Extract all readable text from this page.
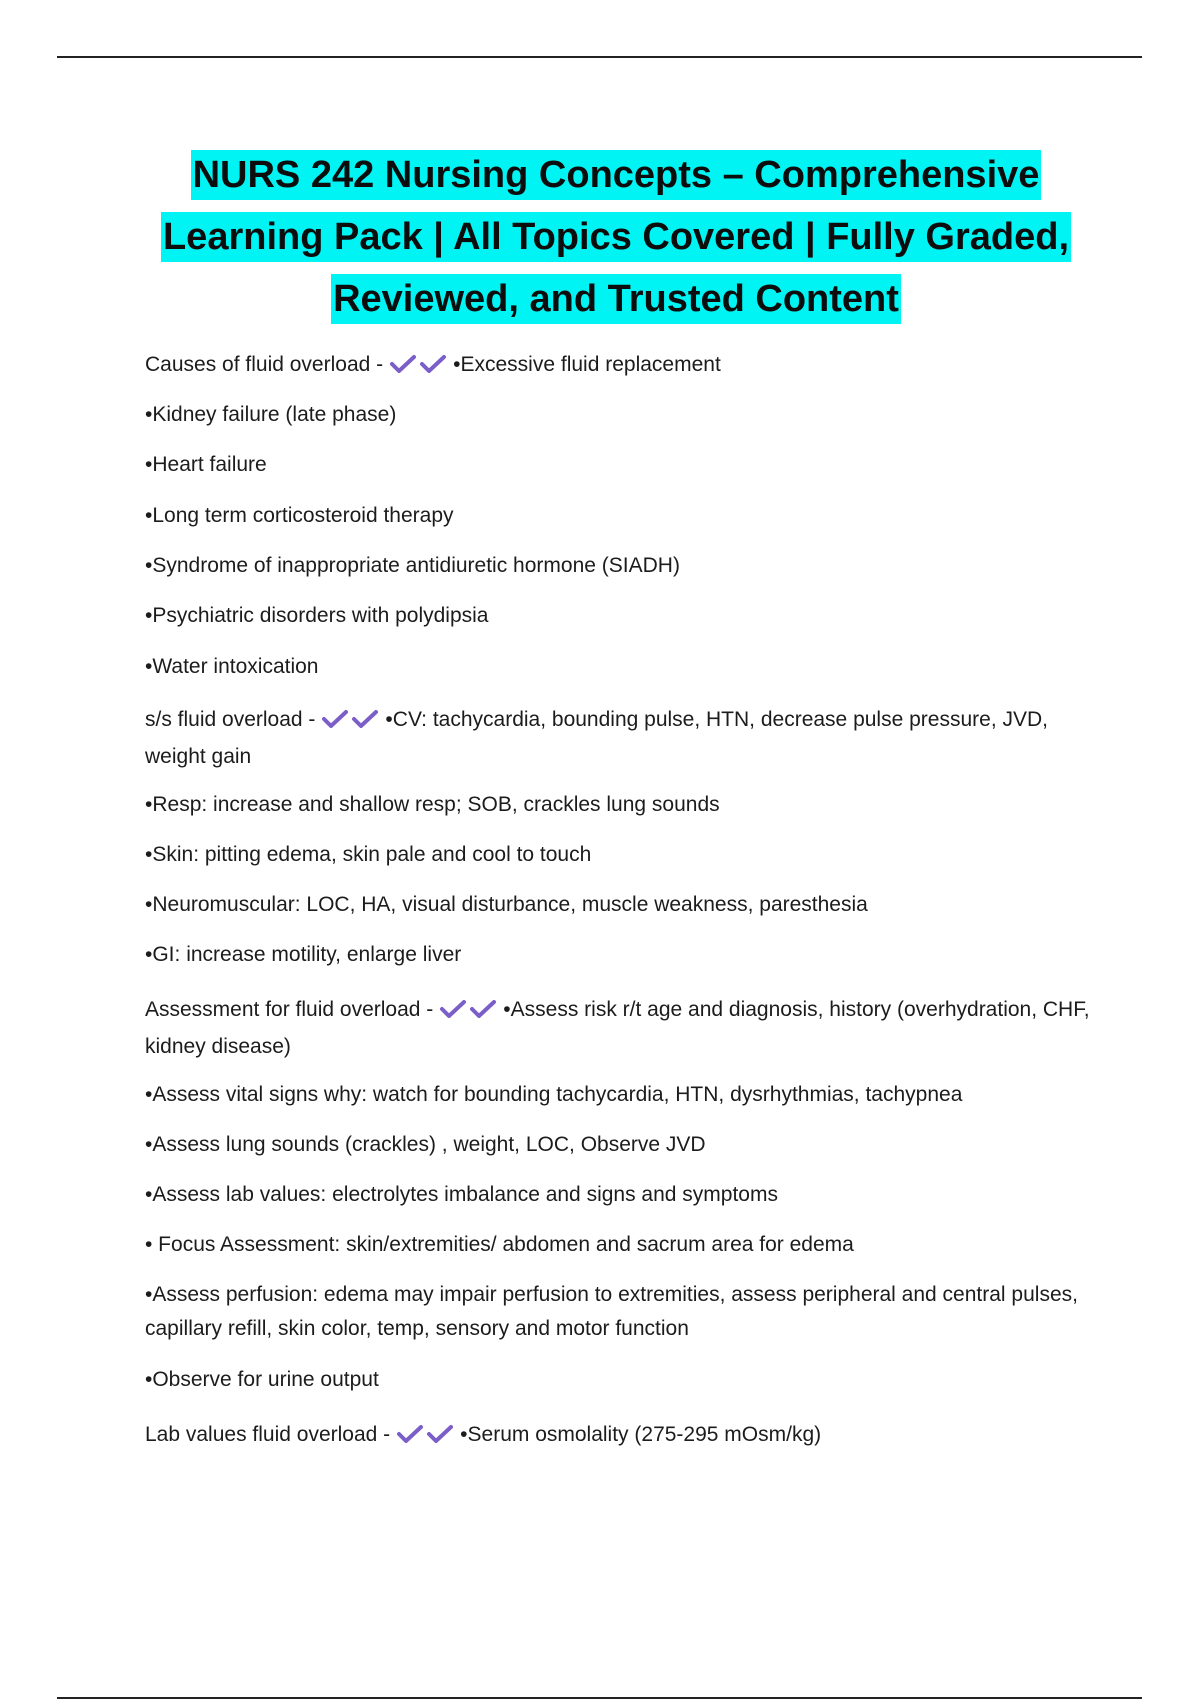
NURS 242 Nursing Concepts – Comprehensive
Learning Pack | All Topics Covered | Fully Graded,
Reviewed, and Trusted Content
Causes of fluid overload -	•Excessive fluid replacement
•Kidney failure (late phase)
•Heart failure
•Long term corticosteroid therapy
•Syndrome of inappropriate antidiuretic hormone (SIADH)
•Psychiatric disorders with polydipsia
•Water intoxication
s/s fluid overload -	•CV: tachycardia, bounding pulse, HTN, decrease pulse pressure, JVD, weight gain
•Resp: increase and shallow resp; SOB, crackles lung sounds
•Skin: pitting edema, skin pale and cool to touch
•Neuromuscular: LOC, HA, visual disturbance, muscle weakness, paresthesia
•GI: increase motility, enlarge liver
Assessment for fluid overload -	•Assess risk r/t age and diagnosis, history (overhydration, CHF, kidney disease)
•Assess vital signs why: watch for bounding tachycardia, HTN, dysrhythmias, tachypnea
•Assess lung sounds (crackles) , weight, LOC, Observe JVD
•Assess lab values: electrolytes imbalance and signs and symptoms
• Focus Assessment: skin/extremities/ abdomen and sacrum area for edema
•Assess perfusion: edema may impair perfusion to extremities, assess peripheral and central pulses, capillary refill, skin color, temp, sensory and motor function
•Observe for urine output
Lab values fluid overload -	•Serum osmolality (275-295 mOsm/kg)
